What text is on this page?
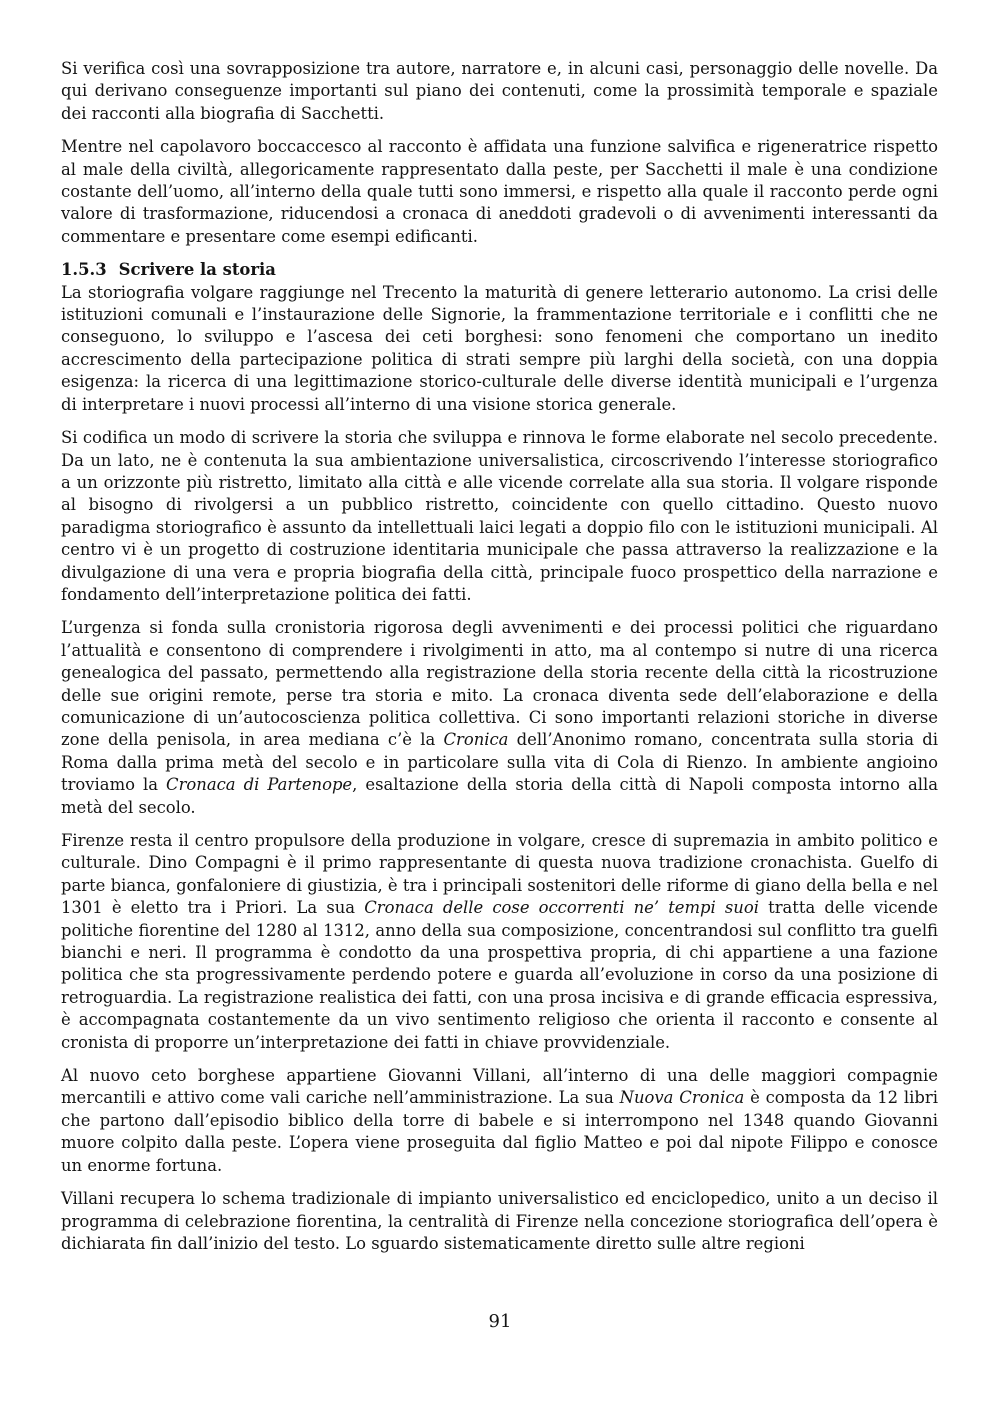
Si verifica così una sovrapposizione tra autore, narratore e, in alcuni casi, personaggio delle novelle. Da qui derivano conseguenze importanti sul piano dei contenuti, come la prossimità temporale e spaziale dei racconti alla biografia di Sacchetti.

Mentre nel capolavoro boccaccesco al racconto è affidata una funzione salvifica e rigeneratrice rispetto al male della civiltà, allegoricamente rappresentato dalla peste, per Sacchetti il male è una condizione costante dell’uomo, all’interno della quale tutti sono immersi, e rispetto alla quale il racconto perde ogni valore di trasformazione, riducendosi a cronaca di aneddoti gradevoli o di avvenimenti interessanti da commentare e presentare come esempi edificanti.

1.5.3 Scrivere la storia

La storiografia volgare raggiunge nel Trecento la maturità di genere letterario autonomo. La crisi delle istituzioni comunali e l’instaurazione delle Signorie, la frammentazione territoriale e i conflitti che ne conseguono, lo sviluppo e l’ascesa dei ceti borghesi: sono fenomeni che comportano un inedito accrescimento della partecipazione politica di strati sempre più larghi della società, con una doppia esigenza: la ricerca di una legittimazione storico-culturale delle diverse identità municipali e l’urgenza di interpretare i nuovi processi all’interno di una visione storica generale.

Si codifica un modo di scrivere la storia che sviluppa e rinnova le forme elaborate nel secolo precedente. Da un lato, ne è contenuta la sua ambientazione universalistica, circoscrivendo l’interesse storiografico a un orizzonte più ristretto, limitato alla città e alle vicende correlate alla sua storia. Il volgare risponde al bisogno di rivolgersi a un pubblico ristretto, coincidente con quello cittadino. Questo nuovo paradigma storiografico è assunto da intellettuali laici legati a doppio filo con le istituzioni municipali. Al centro vi è un progetto di costruzione identitaria municipale che passa attraverso la realizzazione e la divulgazione di una vera e propria biografia della città, principale fuoco prospettico della narrazione e fondamento dell’interpretazione politica dei fatti.

L’urgenza si fonda sulla cronistoria rigorosa degli avvenimenti e dei processi politici che riguardano l’attualità e consentono di comprendere i rivolgimenti in atto, ma al contempo si nutre di una ricerca genealogica del passato, permettendo alla registrazione della storia recente della città la ricostruzione delle sue origini remote, perse tra storia e mito. La cronaca diventa sede dell’elaborazione e della comunicazione di un’autocoscienza politica collettiva. Ci sono importanti relazioni storiche in diverse zone della penisola, in area mediana c’è la Cronica dell’Anonimo romano, concentrata sulla storia di Roma dalla prima metà del secolo e in particolare sulla vita di Cola di Rienzo. In ambiente angioino troviamo la Cronaca di Partenope, esaltazione della storia della città di Napoli composta intorno alla metà del secolo.

Firenze resta il centro propulsore della produzione in volgare, cresce di supremazia in ambito politico e culturale. Dino Compagni è il primo rappresentante di questa nuova tradizione cronachista. Guelfo di parte bianca, gonfaloniere di giustizia, è tra i principali sostenitori delle riforme di giano della bella e nel 1301 è eletto tra i Priori. La sua Cronaca delle cose occorrenti ne’ tempi suoi tratta delle vicende politiche fiorentine del 1280 al 1312, anno della sua composizione, concentrandosi sul conflitto tra guelfi bianchi e neri. Il programma è condotto da una prospettiva propria, di chi appartiene a una fazione politica che sta progressivamente perdendo potere e guarda all’evoluzione in corso da una posizione di retroguardia. La registrazione realistica dei fatti, con una prosa incisiva e di grande efficacia espressiva, è accompagnata costantemente da un vivo sentimento religioso che orienta il racconto e consente al cronista di proporre un’interpretazione dei fatti in chiave provvidenziale.

Al nuovo ceto borghese appartiene Giovanni Villani, all’interno di una delle maggiori compagnie mercantili e attivo come vali cariche nell’amministrazione. La sua Nuova Cronica è composta da 12 libri che partono dall’episodio biblico della torre di babele e si interrompono nel 1348 quando Giovanni muore colpito dalla peste. L’opera viene proseguita dal figlio Matteo e poi dal nipote Filippo e conosce un enorme fortuna.

Villani recupera lo schema tradizionale di impianto universalistico ed enciclopedico, unito a un deciso il programma di celebrazione fiorentina, la centralità di Firenze nella concezione storiografica dell’opera è dichiarata fin dall’inizio del testo. Lo sguardo sistematicamente diretto sulle altre regioni

91
